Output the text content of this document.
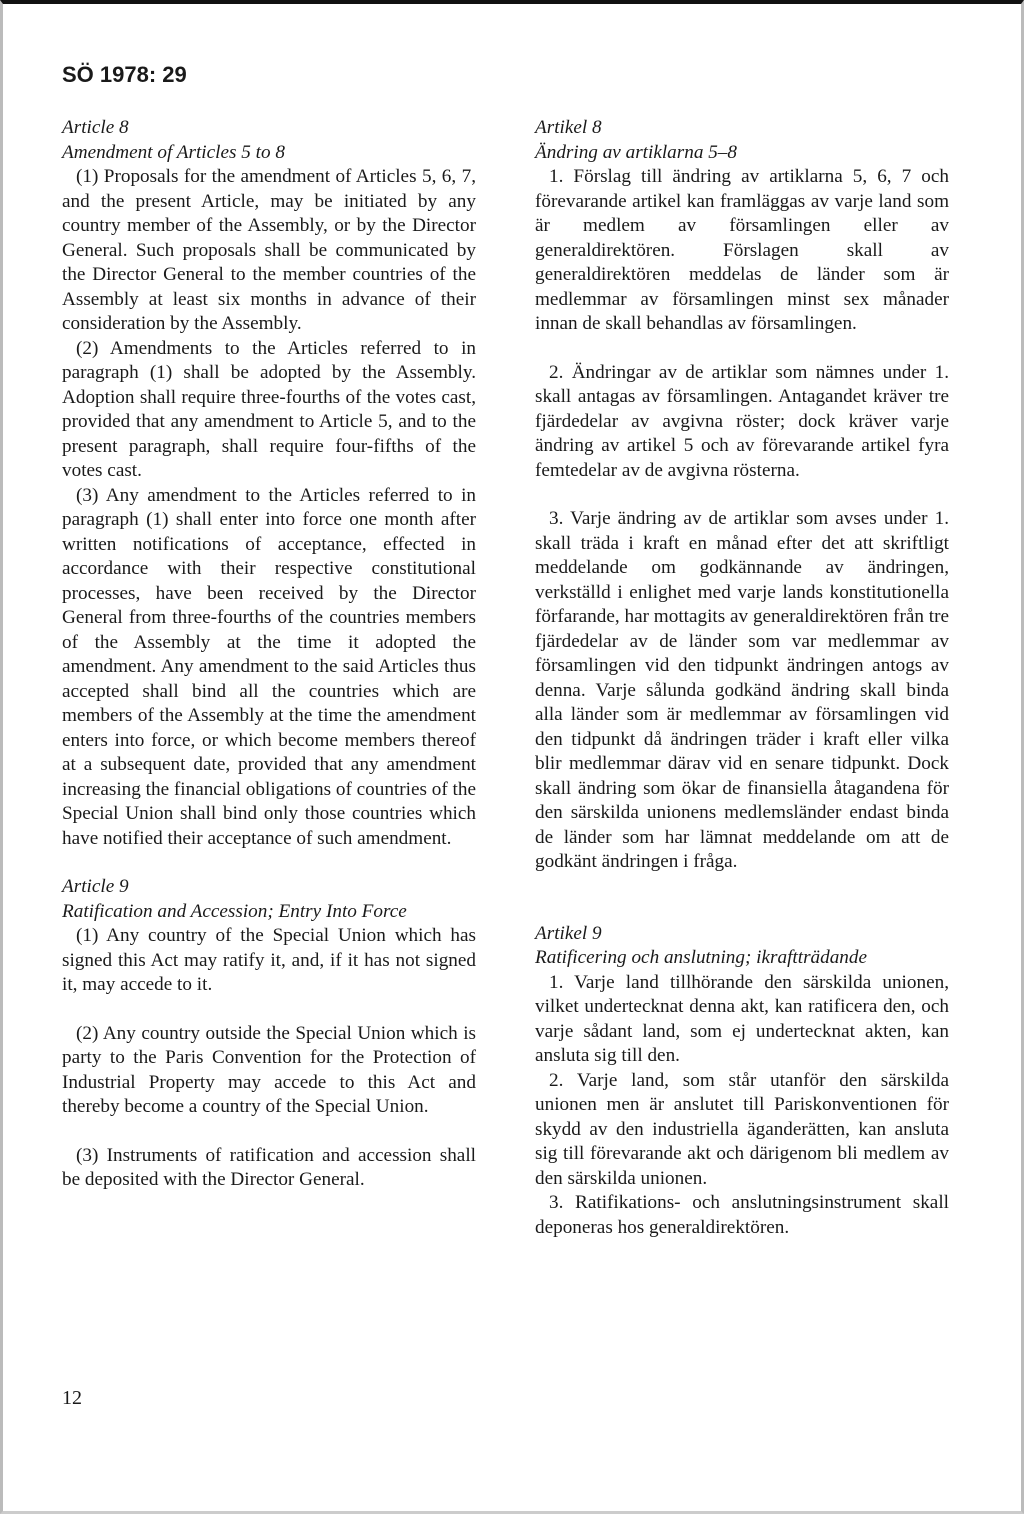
SÖ 1978: 29

Article 8

Amendment of Articles 5 to 8

(1) Proposals for the amendment of Articles 5, 6, 7, and the present Article, may be initiated by any country member of the Assembly, or by the Director General. Such proposals shall be communicated by the Director General to the member countries of the Assembly at least six months in advance of their consideration by the Assembly.

(2) Amendments to the Articles referred to in paragraph (1) shall be adopted by the Assembly. Adoption shall require three-fourths of the votes cast, provided that any amendment to Article 5, and to the present paragraph, shall require four-fifths of the votes cast.

(3) Any amendment to the Articles referred to in paragraph (1) shall enter into force one month after written notifications of acceptance, effected in accordance with their respective constitutional processes, have been received by the Director General from three-fourths of the countries members of the Assembly at the time it adopted the amendment. Any amendment to the said Articles thus accepted shall bind all the countries which are members of the Assembly at the time the amendment enters into force, or which become members thereof at a subsequent date, provided that any amendment increasing the financial obligations of countries of the Special Union shall bind only those countries which have notified their acceptance of such amendment.

Article 9

Ratification and Accession; Entry Into Force

(1) Any country of the Special Union which has signed this Act may ratify it, and, if it has not signed it, may accede to it.

(2) Any country outside the Special Union which is party to the Paris Convention for the Protection of Industrial Property may accede to this Act and thereby become a country of the Special Union.

(3) Instruments of ratification and accession shall be deposited with the Director General.

Artikel 8

Ändring av artiklarna 5–8

1. Förslag till ändring av artiklarna 5, 6, 7 och förevarande artikel kan framläggas av varje land som är medlem av församlingen eller av generaldirektören. Förslagen skall av generaldirektören meddelas de länder som är medlemmar av församlingen minst sex månader innan de skall behandlas av församlingen.

2. Ändringar av de artiklar som nämnes under 1. skall antagas av församlingen. Antagandet kräver tre fjärdedelar av avgivna röster; dock kräver varje ändring av artikel 5 och av förevarande artikel fyra femtedelar av de avgivna rösterna.

3. Varje ändring av de artiklar som avses under 1. skall träda i kraft en månad efter det att skriftligt meddelande om godkännande av ändringen, verkställd i enlighet med varje lands konstitutionella förfarande, har mottagits av generaldirektören från tre fjärdedelar av de länder som var medlemmar av församlingen vid den tidpunkt ändringen antogs av denna. Varje sålunda godkänd ändring skall binda alla länder som är medlemmar av församlingen vid den tidpunkt då ändringen träder i kraft eller vilka blir medlemmar därav vid en senare tidpunkt. Dock skall ändring som ökar de finansiella åtagandena för den särskilda unionens medlemsländer endast binda de länder som har lämnat meddelande om att de godkänt ändringen i fråga.

Artikel 9

Ratificering och anslutning; ikraftträdande

1. Varje land tillhörande den särskilda unionen, vilket undertecknat denna akt, kan ratificera den, och varje sådant land, som ej undertecknat akten, kan ansluta sig till den.

2. Varje land, som står utanför den särskilda unionen men är anslutet till Pariskonventionen för skydd av den industriella äganderätten, kan ansluta sig till förevarande akt och därigenom bli medlem av den särskilda unionen.

3. Ratifikations- och anslutningsinstrument skall deponeras hos generaldirektören.

12
